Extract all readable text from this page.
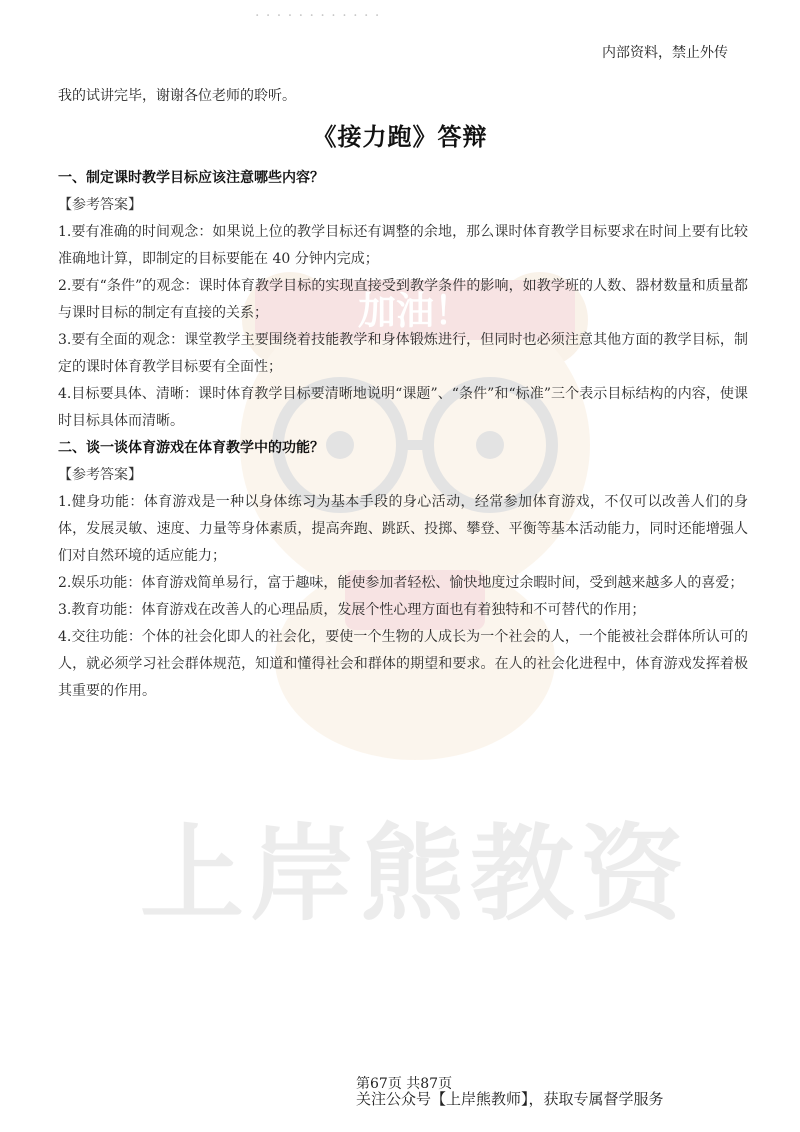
加油！
上岸熊教资
· · · · · · · · · · · ·
内部资料，禁止外传
我的试讲完毕，谢谢各位老师的聆听。
《接力跑》答辩
一、制定课时教学目标应该注意哪些内容？
【参考答案】
1.要有准确的时间观念：如果说上位的教学目标还有调整的余地，那么课时体育教学目标要求在时间上要有比较准确地计算，即制定的目标要能在 40 分钟内完成；
2.要有“条件”的观念：课时体育教学目标的实现直接受到教学条件的影响，如教学班的人数、器材数量和质量都与课时目标的制定有直接的关系；
3.要有全面的观念：课堂教学主要围绕着技能教学和身体锻炼进行，但同时也必须注意其他方面的教学目标，制定的课时体育教学目标要有全面性；
4.目标要具体、清晰：课时体育教学目标要清晰地说明“课题”、“条件”和“标准”三个表示目标结构的内容，使课时目标具体而清晰。
二、谈一谈体育游戏在体育教学中的功能？
【参考答案】
1.健身功能：体育游戏是一种以身体练习为基本手段的身心活动，经常参加体育游戏，不仅可以改善人们的身体，发展灵敏、速度、力量等身体素质，提高奔跑、跳跃、投掷、攀登、平衡等基本活动能力，同时还能增强人们对自然环境的适应能力；
2.娱乐功能：体育游戏简单易行，富于趣味，能使参加者轻松、愉快地度过余暇时间，受到越来越多人的喜爱；
3.教育功能：体育游戏在改善人的心理品质，发展个性心理方面也有着独特和不可替代的作用；
4.交往功能：个体的社会化即人的社会化，要使一个生物的人成长为一个社会的人，一个能被社会群体所认可的人，就必须学习社会群体规范，知道和懂得社会和群体的期望和要求。在人的社会化进程中，体育游戏发挥着极其重要的作用。
第67页 共87页
关注公众号【上岸熊教师】，获取专属督学服务
